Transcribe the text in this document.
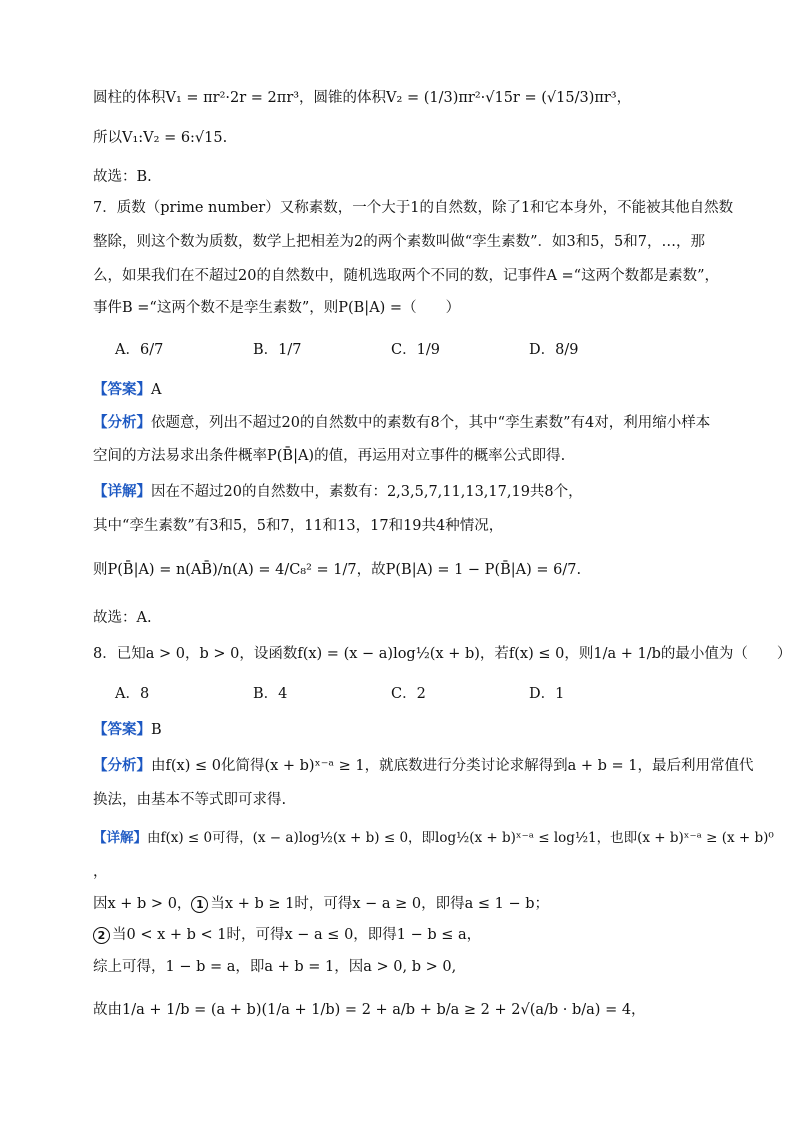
圆柱的体积V₁ = πr²·2r = 2πr³，圆锥的体积V₂ = (1/3)πr²·√15r = (√15/3)πr³，
所以V₁:V₂ = 6:√15.
故选：B.
7．质数（prime number）又称素数，一个大于1的自然数，除了1和它本身外，不能被其他自然数
整除，则这个数为质数，数学上把相差为2的两个素数叫做“孪生素数”．如3和5，5和7，…，那
么，如果我们在不超过20的自然数中，随机选取两个不同的数，记事件A =“这两个数都是素数”，
事件B =“这两个数不是孪生素数”，则P(B|A) =（　　）
A．6/7	B．1/7	C．1/9	D．8/9
【答案】A
【分析】依题意，列出不超过20的自然数中的素数有8个，其中“孪生素数”有4对，利用缩小样本
空间的方法易求出条件概率P(B̄|A)的值，再运用对立事件的概率公式即得.
【详解】因在不超过20的自然数中，素数有：2,3,5,7,11,13,17,19共8个，
其中“孪生素数”有3和5，5和7，11和13，17和19共4种情况，
则P(B̄|A) = n(AB̄)/n(A) = 4/C₈² = 1/7，故P(B|A) = 1 − P(B̄|A) = 6/7.
故选：A.
8．已知a > 0，b > 0，设函数f(x) = (x − a)log½(x + b)，若f(x) ≤ 0，则1/a + 1/b的最小值为（　　）
A．8	B．4	C．2	D．1
【答案】B
【分析】由f(x) ≤ 0化简得(x + b)ˣ⁻ᵃ ≥ 1，就底数进行分类讨论求解得到a + b = 1，最后利用常值代
换法，由基本不等式即可求得.
【详解】由f(x) ≤ 0可得，(x − a)log½(x + b) ≤ 0，即log½(x + b)ˣ⁻ᵃ ≤ log½1，也即(x + b)ˣ⁻ᵃ ≥ (x + b)⁰
，
因x + b > 0， 1 当x + b ≥ 1时，可得x − a ≥ 0，即得a ≤ 1 − b；
2 当0 < x + b < 1时，可得x − a ≤ 0，即得1 − b ≤ a，
综上可得，1 − b = a，即a + b = 1，因a > 0, b > 0,
故由1/a + 1/b = (a + b)(1/a + 1/b) = 2 + a/b + b/a ≥ 2 + 2√(a/b · b/a) = 4，
